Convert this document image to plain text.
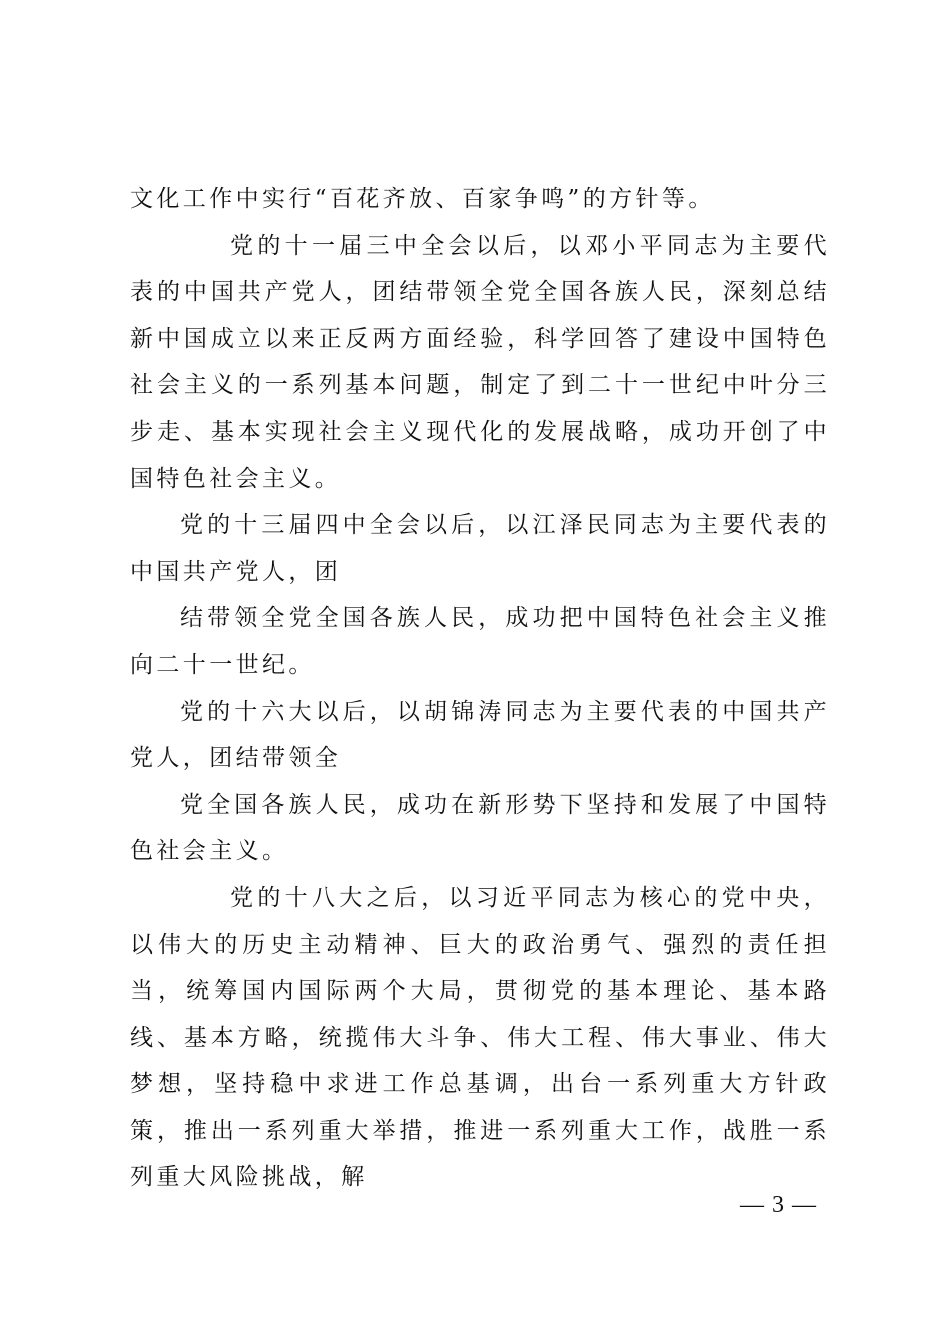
文化工作中实行“百花齐放、百家争鸣”的方针等。

党的十一届三中全会以后，以邓小平同志为主要代表的中国共产党人，团结带领全党全国各族人民，深刻总结新中国成立以来正反两方面经验，科学回答了建设中国特色社会主义的一系列基本问题，制定了到二十一世纪中叶分三步走、基本实现社会主义现代化的发展战略，成功开创了中国特色社会主义。

党的十三届四中全会以后，以江泽民同志为主要代表的中国共产党人，团

结带领全党全国各族人民，成功把中国特色社会主义推向二十一世纪。

党的十六大以后，以胡锦涛同志为主要代表的中国共产党人，团结带领全

党全国各族人民，成功在新形势下坚持和发展了中国特色社会主义。

党的十八大之后，以习近平同志为核心的党中央，以伟大的历史主动精神、巨大的政治勇气、强烈的责任担当，统筹国内国际两个大局，贯彻党的基本理论、基本路线、基本方略，统揽伟大斗争、伟大工程、伟大事业、伟大梦想，坚持稳中求进工作总基调，出台一系列重大方针政策，推出一系列重大举措，推进一系列重大工作，战胜一系列重大风险挑战，解

— 3 —
